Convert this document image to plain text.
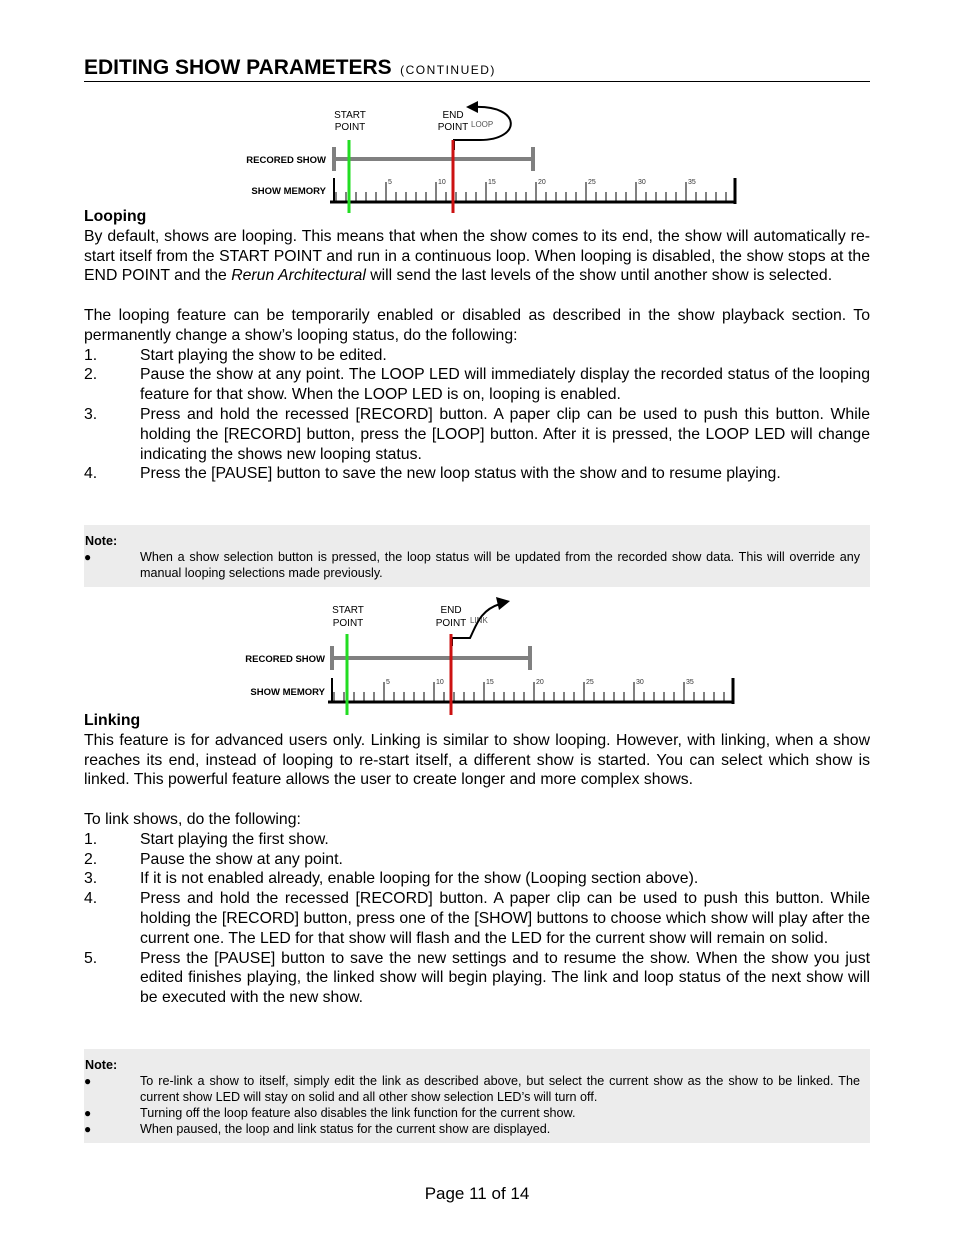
EDITING SHOW PARAMETERS (CONTINUED)
START
POINT
END
POINT LOOP
RECORED SHOW
SHOW MEMORY
5	10	15	20	25	30	35
Looping
By default, shows are looping. This means that when the show comes to its end, the show will automatically re-start itself from the START POINT and run in a continuous loop. When looping is disabled, the show stops at the END POINT and the Rerun Architectural will send the last levels of the show until another show is selected.
The looping feature can be temporarily enabled or disabled as described in the show playback section. To permanently change a show’s looping status, do the following:
1.	Start playing the show to be edited.
2.	Pause the show at any point. The LOOP LED will immediately display the recorded status of the looping feature for that show. When the LOOP LED is on, looping is enabled.
3.	Press and hold the recessed [RECORD] button. A paper clip can be used to push this button. While holding the [RECORD] button, press the [LOOP] button. After it is pressed, the LOOP LED will change indicating the shows new looping status.
4.	Press the [PAUSE] button to save the new loop status with the show and to resume playing.
Note:
●	When a show selection button is pressed, the loop status will be updated from the recorded show data. This will override any manual looping selections made previously.
START
POINT
END
POINT LINK
RECORED SHOW
SHOW MEMORY
5	10	15	20	25	30	35
Linking
This feature is for advanced users only. Linking is similar to show looping. However, with linking, when a show reaches its end, instead of looping to re-start itself, a different show is started. You can select which show is linked. This powerful feature allows the user to create longer and more complex shows.
To link shows, do the following:
1.	Start playing the first show.
2.	Pause the show at any point.
3.	If it is not enabled already, enable looping for the show (Looping section above).
4.	Press and hold the recessed [RECORD] button. A paper clip can be used to push this button. While holding the [RECORD] button, press one of the [SHOW] buttons to choose which show will play after the current one. The LED for that show will flash and the LED for the current show will remain on solid.
5.	Press the [PAUSE] button to save the new settings and to resume the show. When the show you just edited finishes playing, the linked show will begin playing. The link and loop status of the next show will be executed with the new show.
Note:
●	To re-link a show to itself, simply edit the link as described above, but select the current show as the show to be linked. The current show LED will stay on solid and all other show selection LED’s will turn off.
●	Turning off the loop feature also disables the link function for the current show.
●	When paused, the loop and link status for the current show are displayed.
Page 11 of 14
